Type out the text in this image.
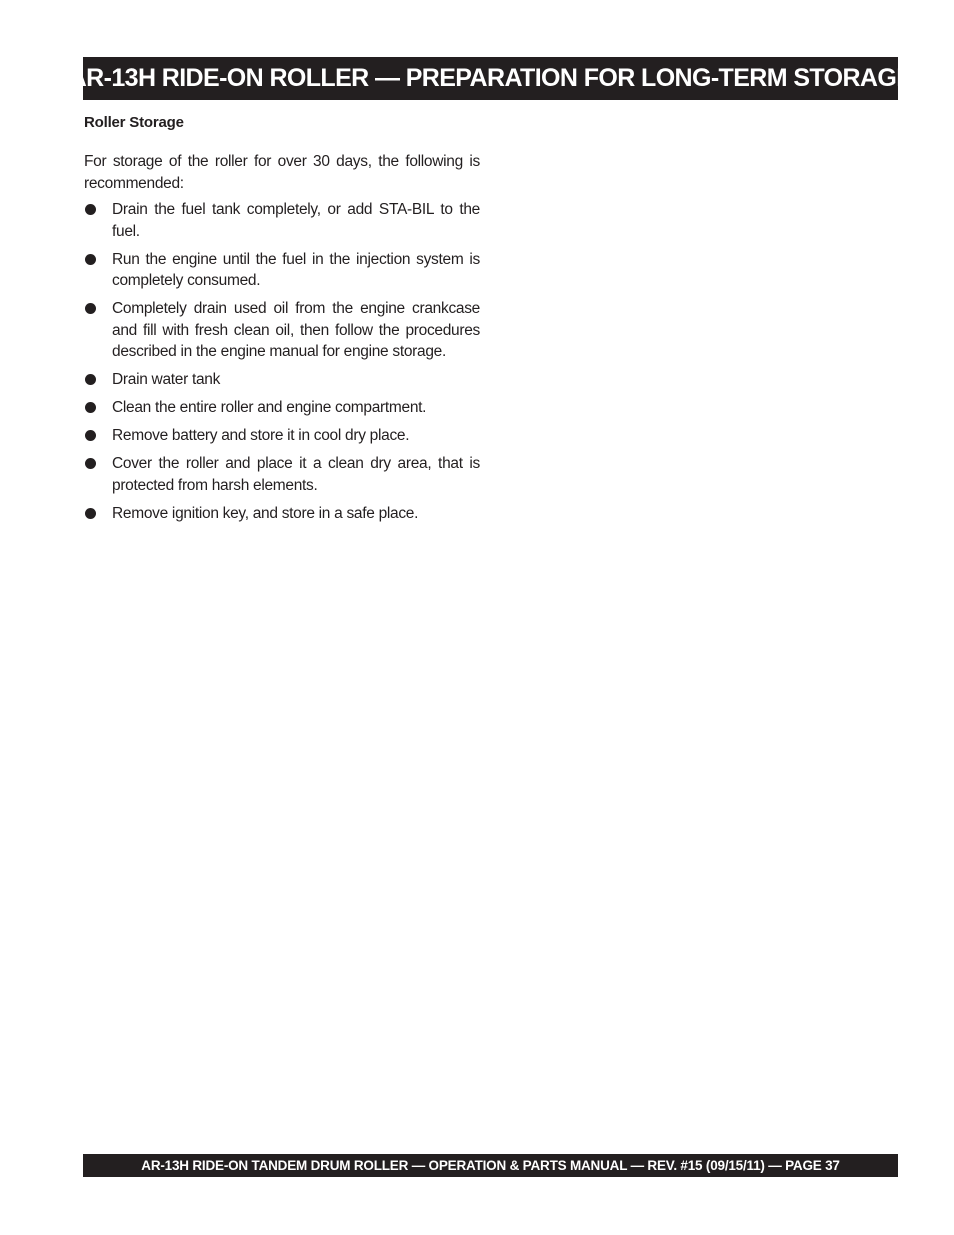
AR-13H RIDE-ON ROLLER — PREPARATION FOR LONG-TERM STORAGE
Roller Storage

For storage of the roller for over 30 days, the following is recommended:

Drain the fuel tank completely, or add STA-BIL to the fuel.
Run the engine until the fuel in the injection system is completely consumed.
Completely drain used oil from the engine crankcase and fill with fresh clean oil, then follow the procedures described in the engine manual for engine storage.
Drain water tank
Clean the entire roller and engine compartment.
Remove battery and store it in cool dry place.
Cover the roller and place it a clean dry area, that is protected from harsh elements.
Remove ignition key, and store in a safe place.
AR-13H RIDE-ON TANDEM DRUM ROLLER — OPERATION & PARTS MANUAL — REV. #15 (09/15/11) — PAGE 37
